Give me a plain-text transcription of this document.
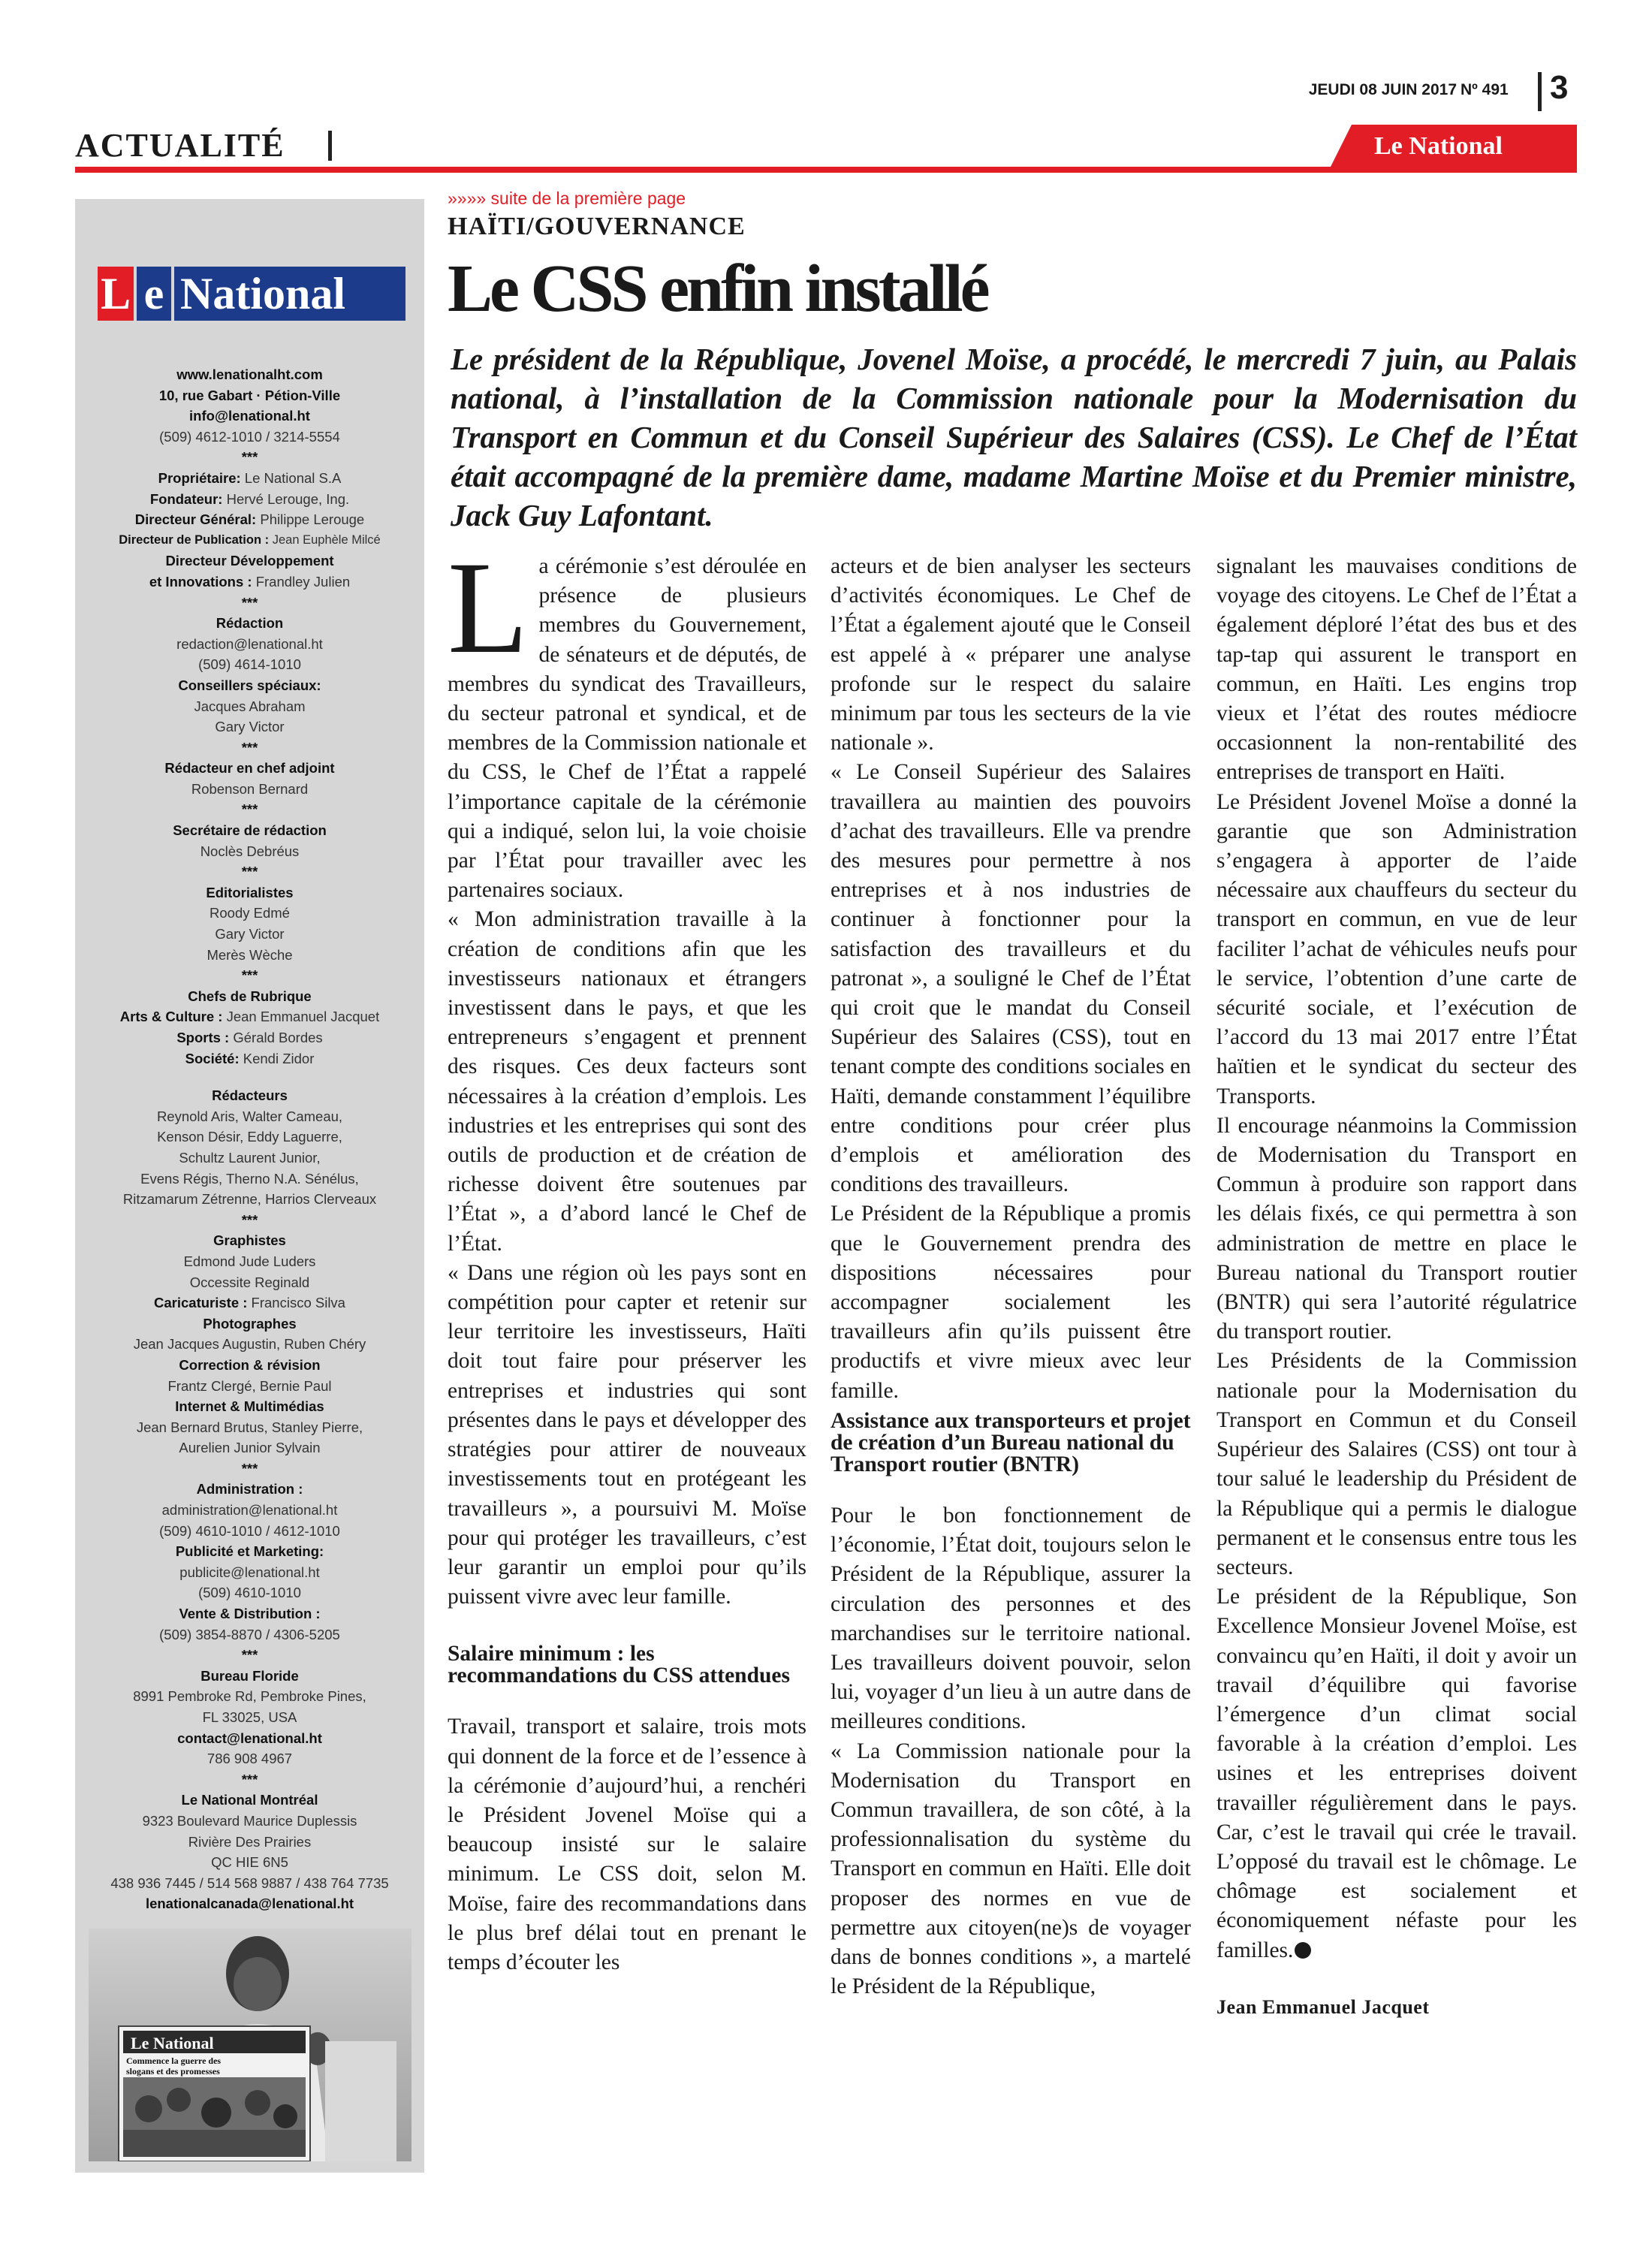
JEUDI 08 JUIN 2017 Nº 491	3
ACTUALITÉ	Le National
L e National
www.lenationalht.com
10, rue Gabart · Pétion-Ville
info@lenational.ht
(509) 4612-1010 / 3214-5554
***
Propriétaire: Le National S.A
Fondateur: Hervé Lerouge, Ing.
Directeur Général: Philippe Lerouge
Directeur de Publication : Jean Euphèle Milcé
Directeur Développement
et Innovations : Frandley Julien
***
Rédaction
redaction@lenational.ht
(509) 4614-1010
Conseillers spéciaux:
Jacques Abraham
Gary Victor
***
Rédacteur en chef adjoint
Robenson Bernard
***
Secrétaire de rédaction
Noclès Debréus
***
Editorialistes
Roody Edmé
Gary Victor
Merès Wèche
***
Chefs de Rubrique
Arts & Culture : Jean Emmanuel Jacquet
Sports : Gérald Bordes
Société: Kendi Zidor
Rédacteurs
Reynold Aris, Walter Cameau,
Kenson Désir, Eddy Laguerre,
Schultz Laurent Junior,
Evens Régis, Therno N.A. Sénélus,
Ritzamarum Zétrenne, Harrios Clerveaux
***
Graphistes
Edmond Jude Luders
Occessite Reginald
Caricaturiste : Francisco Silva
Photographes
Jean Jacques Augustin, Ruben Chéry
Correction & révision
Frantz Clergé, Bernie Paul
Internet & Multimédias
Jean Bernard Brutus, Stanley Pierre,
Aurelien Junior Sylvain
***
Administration :
administration@lenational.ht
(509) 4610-1010 / 4612-1010
Publicité et Marketing:
publicite@lenational.ht
(509) 4610-1010
Vente & Distribution :
(509) 3854-8870 / 4306-5205
***
Bureau Floride
8991 Pembroke Rd, Pembroke Pines,
FL 33025, USA
contact@lenational.ht
786 908 4967
***
Le National Montréal
9323 Boulevard Maurice Duplessis
Rivière Des Prairies
QC HIE 6N5
438 936 7445 / 514 568 9887 / 438 764 7735
lenationalcanada@lenational.ht
Le National
Commence la guerre des
slogans et des promesses
»»»» suite de la première page
HAÏTI/GOUVERNANCE
Le CSS enfin installé
Le président de la République, Jovenel Moïse, a procédé, le mercredi 7 juin, au Palais national, à l’installation de la Commission nationale pour la Modernisation du Transport en Commun et du Conseil Supérieur des Salaires (CSS). Le Chef de l’État était accompagné de la première dame, madame Martine Moïse et du Premier ministre, Jack Guy Lafontant.

La cérémonie s’est déroulée en présence de plusieurs membres du Gouvernement, de sénateurs et de députés, de membres du syndicat des Travailleurs, du secteur patronal et syndical, et de membres de la Commission nationale et du CSS, le Chef de l’État a rappelé l’importance capitale de la cérémonie qui a indiqué, selon lui, la voie choisie par l’État pour travailler avec les partenaires sociaux.

« Mon administration travaille à la création de conditions afin que les investisseurs nationaux et étrangers investissent dans le pays, et que les entrepreneurs s’engagent et prennent des risques. Ces deux facteurs sont nécessaires à la création d’emplois. Les industries et les entreprises qui sont des outils de production et de création de richesse doivent être soutenues par l’État », a d’abord lancé le Chef de l’État.

« Dans une région où les pays sont en compétition pour capter et retenir sur leur territoire les investisseurs, Haïti doit tout faire pour préserver les entreprises et industries qui sont présentes dans le pays et développer des stratégies pour attirer de nouveaux investissements tout en protégeant les travailleurs », a poursuivi M. Moïse pour qui protéger les travailleurs, c’est leur garantir un emploi pour qu’ils puissent vivre avec leur famille.

Salaire minimum : les recommandations du CSS attendues

Travail, transport et salaire, trois mots qui donnent de la force et de l’essence à la cérémonie d’aujourd’hui, a renchéri le Président Jovenel Moïse qui a beaucoup insisté sur le salaire minimum. Le CSS doit, selon M. Moïse, faire des recommandations dans le plus bref délai tout en prenant le temps d’écouter les

acteurs et de bien analyser les secteurs d’activités économiques. Le Chef de l’État a également ajouté que le Conseil est appelé à « préparer une analyse profonde sur le respect du salaire minimum par tous les secteurs de la vie nationale ».

« Le Conseil Supérieur des Salaires travaillera au maintien des pouvoirs d’achat des travailleurs. Elle va prendre des mesures pour permettre à nos entreprises et à nos industries de continuer à fonctionner pour la satisfaction des travailleurs et du patronat », a souligné le Chef de l’État qui croit que le mandat du Conseil Supérieur des Salaires (CSS), tout en tenant compte des conditions sociales en Haïti, demande constamment l’équilibre entre conditions pour créer plus d’emplois et amélioration des conditions des travailleurs.

Le Président de la République a promis que le Gouvernement prendra des dispositions nécessaires pour accompagner socialement les travailleurs afin qu’ils puissent être productifs et vivre mieux avec leur famille.

Assistance aux transporteurs et projet de création d’un Bureau national du Transport routier (BNTR)

Pour le bon fonctionnement de l’économie, l’État doit, toujours selon le Président de la République, assurer la circulation des personnes et des marchandises sur le territoire national. Les travailleurs doivent pouvoir, selon lui, voyager d’un lieu à un autre dans de meilleures conditions.

« La Commission nationale pour la Modernisation du Transport en Commun travaillera, de son côté, à la professionnalisation du système du Transport en commun en Haïti. Elle doit proposer des normes en vue de permettre aux citoyen(ne)s de voyager dans de bonnes conditions », a martelé le Président de la République,

signalant les mauvaises conditions de voyage des citoyens. Le Chef de l’État a également déploré l’état des bus et des tap-tap qui assurent le transport en commun, en Haïti. Les engins trop vieux et l’état des routes médiocre occasionnent la non-rentabilité des entreprises de transport en Haïti.

Le Président Jovenel Moïse a donné la garantie que son Administration s’engagera à apporter de l’aide nécessaire aux chauffeurs du secteur du transport en commun, en vue de leur faciliter l’achat de véhicules neufs pour le service, l’obtention d’une carte de sécurité sociale, et l’exécution de l’accord du 13 mai 2017 entre l’État haïtien et le syndicat du secteur des Transports.

Il encourage néanmoins la Commission de Modernisation du Transport en Commun à produire son rapport dans les délais fixés, ce qui permettra à son administration de mettre en place le Bureau national du Transport routier (BNTR) qui sera l’autorité régulatrice du transport routier.

Les Présidents de la Commission nationale pour la Modernisation du Transport en Commun et du Conseil Supérieur des Salaires (CSS) ont tour à tour salué le leadership du Président de la République qui a permis le dialogue permanent et le consensus entre tous les secteurs.

Le président de la République, Son Excellence Monsieur Jovenel Moïse, est convaincu qu’en Haïti, il doit y avoir un travail d’équilibre qui favorise l’émergence d’un climat social favorable à la création d’emploi. Les usines et les entreprises doivent travailler régulièrement dans le pays. Car, c’est le travail qui crée le travail. L’opposé du travail est le chômage. Le chômage est socialement et économiquement néfaste pour les familles.

Jean Emmanuel Jacquet
